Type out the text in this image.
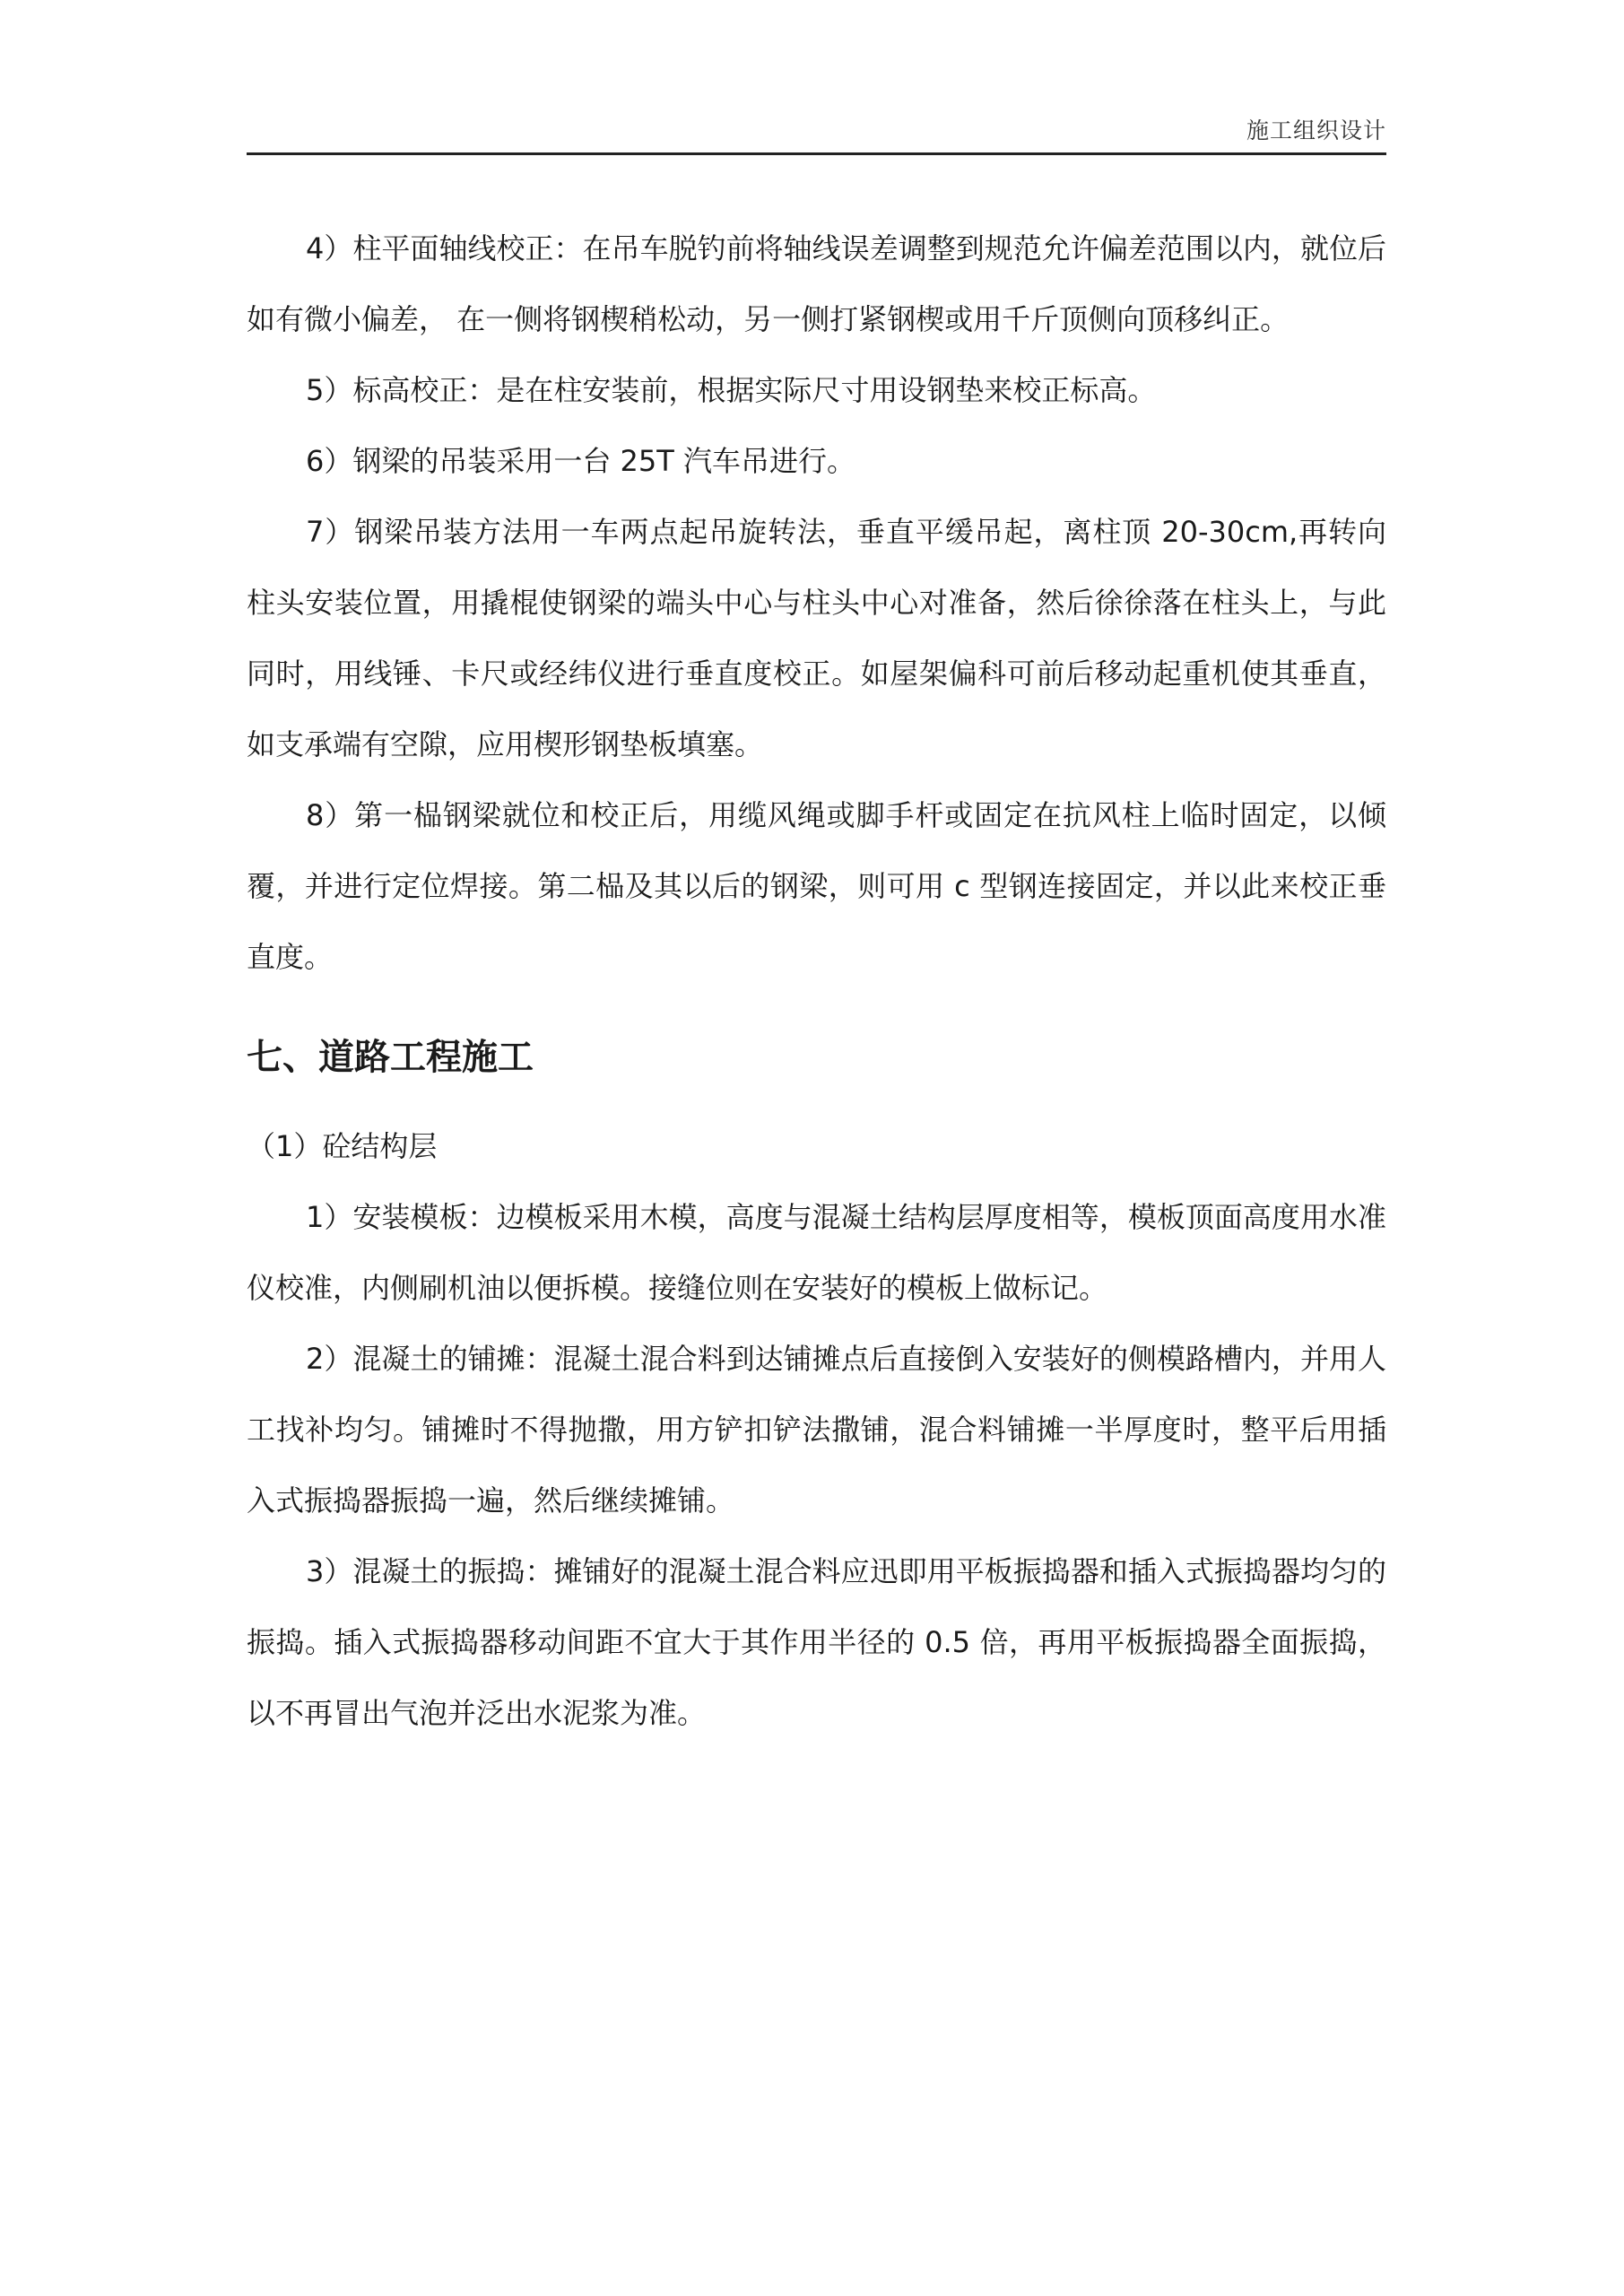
施工组织设计

4）柱平面轴线校正：在吊车脱钓前将轴线误差调整到规范允许偏差范围以内，就位后如有微小偏差， 在一侧将钢楔稍松动，另一侧打紧钢楔或用千斤顶侧向顶移纠正。

5）标高校正：是在柱安装前，根据实际尺寸用设钢垫来校正标高。

6）钢梁的吊装采用一台 25T 汽车吊进行。

7）钢梁吊装方法用一车两点起吊旋转法，垂直平缓吊起，离柱顶 20-30cm,再转向柱头安装位置，用撬棍使钢梁的端头中心与柱头中心对准备，然后徐徐落在柱头上，与此同时，用线锤、卡尺或经纬仪进行垂直度校正。如屋架偏科可前后移动起重机使其垂直，如支承端有空隙，应用楔形钢垫板填塞。

8）第一榀钢梁就位和校正后，用缆风绳或脚手杆或固定在抗风柱上临时固定，以倾覆，并进行定位焊接。第二榀及其以后的钢梁，则可用 c 型钢连接固定，并以此来校正垂直度。

七、道路工程施工

（1）砼结构层

1）安装模板：边模板采用木模，高度与混凝土结构层厚度相等，模板顶面高度用水准仪校准，内侧刷机油以便拆模。接缝位则在安装好的模板上做标记。

2）混凝土的铺摊：混凝土混合料到达铺摊点后直接倒入安装好的侧模路槽内，并用人工找补均匀。铺摊时不得抛撒，用方铲扣铲法撒铺，混合料铺摊一半厚度时，整平后用插入式振捣器振捣一遍，然后继续摊铺。

3）混凝土的振捣：摊铺好的混凝土混合料应迅即用平板振捣器和插入式振捣器均匀的振捣。插入式振捣器移动间距不宜大于其作用半径的 0.5 倍，再用平板振捣器全面振捣，以不再冒出气泡并泛出水泥浆为准。
